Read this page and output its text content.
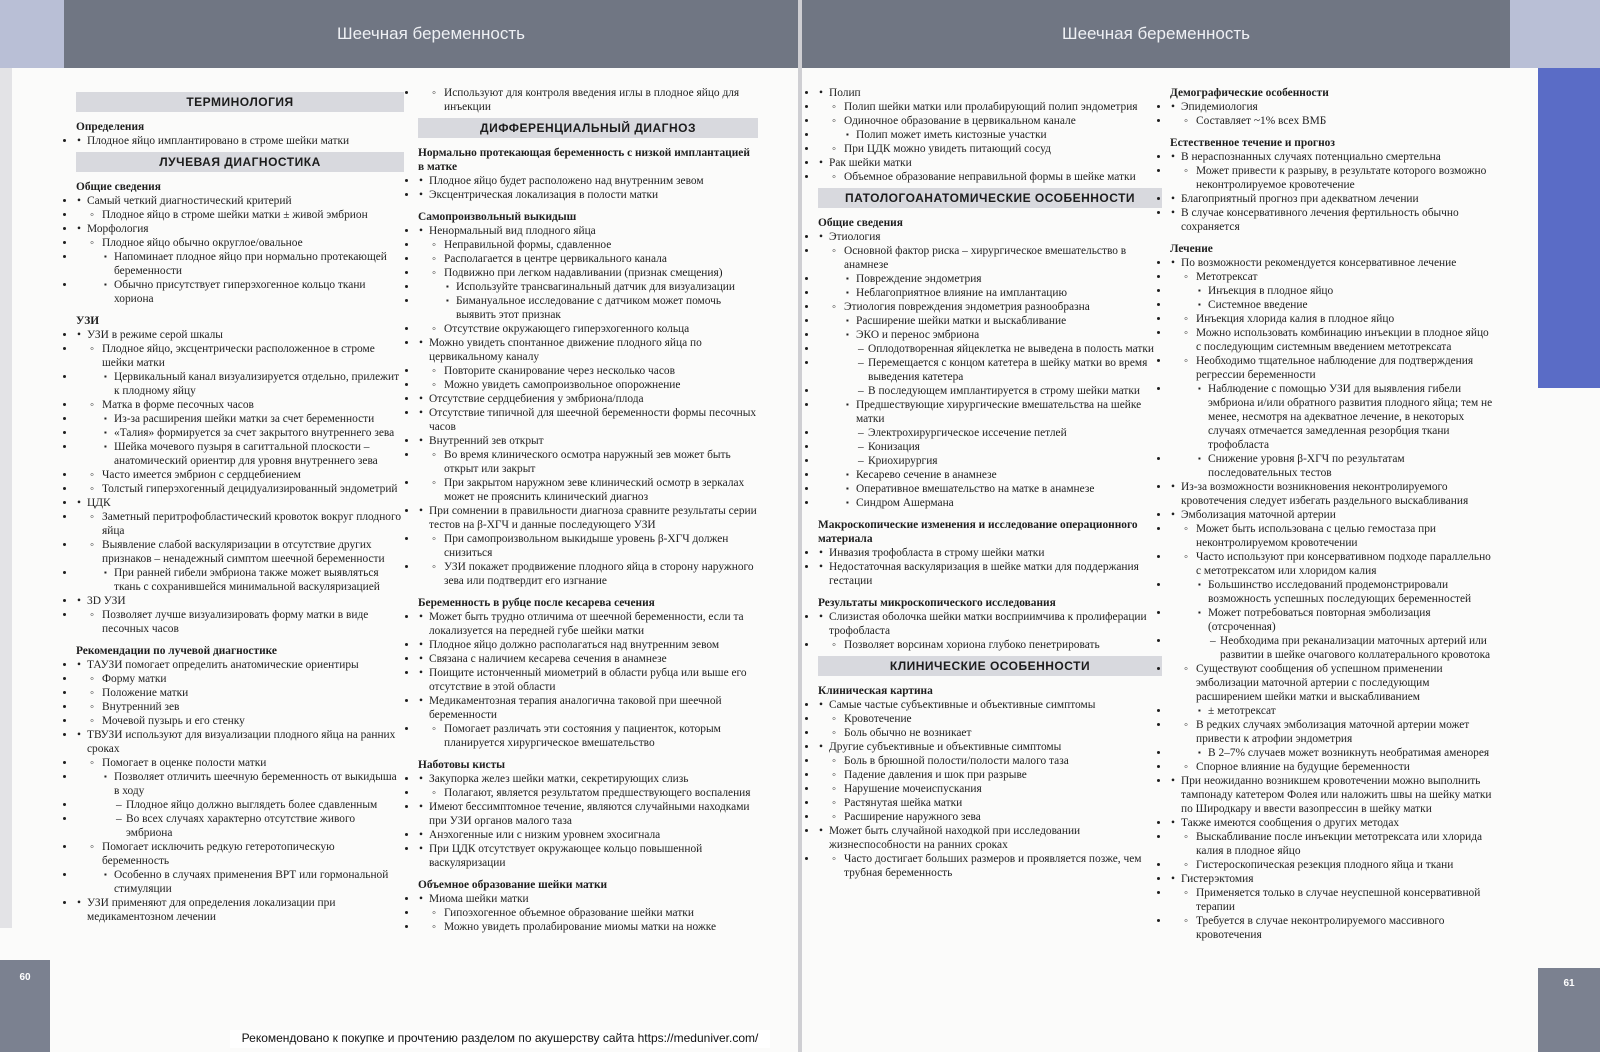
Шеечная беременность
ТЕРМИНОЛОГИЯ
Определения
• • Плодное яйцо имплантировано в строме шейки матки
ЛУЧЕВАЯ ДИАГНОСТИКА
Общие сведения
• • Самый четкий диагностический критерий
◦ • Плодное яйцо в строме шейки матки ± живой эмбрион
• • Морфология
◦ • Плодное яйцо обычно округлое/овальное
▪ • Напоминает плодное яйцо при нормально протекающей беременности
▪ • Обычно присутствует гиперэхогенное кольцо ткани хориона
УЗИ
• • УЗИ в режиме серой шкалы
◦ • Плодное яйцо, эксцентрически расположенное в строме шейки матки
▪ • Цервикальный канал визуализируется отдельно, прилежит к плодному яйцу
◦ • Матка в форме песочных часов
▪ • Из-за расширения шейки матки за счет беременности
▪ • «Талия» формируется за счет закрытого внутреннего зева
▪ • Шейка мочевого пузыря в сагиттальной плоскости – анатомический ориентир для уровня внутреннего зева
◦ • Часто имеется эмбрион с сердцебиением
◦ • Толстый гиперэхогенный децидуализированный эндометрий
• • ЦДК
◦ • Заметный перитрофобластический кровоток вокруг плодного яйца
◦ • Выявление слабой васкуляризации в отсутствие других признаков – ненадежный симптом шеечной беременности
▪ • При ранней гибели эмбриона также может выявляться ткань с сохранившейся минимальной васкуляризацией
• • 3D УЗИ
◦ • Позволяет лучше визуализировать форму матки в виде песочных часов
Рекомендации по лучевой диагностике
• • ТАУЗИ помогает определить анатомические ориентиры
◦ • Форму матки
◦ • Положение матки
◦ • Внутренний зев
◦ • Мочевой пузырь и его стенку
• • ТВУЗИ используют для визуализации плодного яйца на ранних сроках
◦ • Помогает в оценке полости матки
▪ • Позволяет отличить шеечную беременность от выкидыша в ходу
– • Плодное яйцо должно выглядеть более сдавленным
– • Во всех случаях характерно отсутствие живого эмбриона
◦ • Помогает исключить редкую гетеротопическую беременность
▪ • Особенно в случаях применения ВРТ или гормональной стимуляции
• • УЗИ применяют для определения локализации при медикаментозном лечении
◦ • Используют для контроля введения иглы в плодное яйцо для инъекции
ДИФФЕРЕНЦИАЛЬНЫЙ ДИАГНОЗ
Нормально протекающая беременность с низкой имплантацией в матке
• • Плодное яйцо будет расположено над внутренним зевом
• • Эксцентрическая локализация в полости матки
Самопроизвольный выкидыш
• • Ненормальный вид плодного яйца
◦ • Неправильной формы, сдавленное
◦ • Располагается в центре цервикального канала
◦ • Подвижно при легком надавливании (признак смещения)
▪ • Используйте трансвагинальный датчик для визуализации
▪ • Бимануальное исследование с датчиком может помочь выявить этот признак
◦ • Отсутствие окружающего гиперэхогенного кольца
• • Можно увидеть спонтанное движение плодного яйца по цервикальному каналу
◦ • Повторите сканирование через несколько часов
◦ • Можно увидеть самопроизвольное опорожнение
• • Отсутствие сердцебиения у эмбриона/плода
• • Отсутствие типичной для шеечной беременности формы песочных часов
• • Внутренний зев открыт
◦ • Во время клинического осмотра наружный зев может быть открыт или закрыт
◦ • При закрытом наружном зеве клинический осмотр в зеркалах может не прояснить клинический диагноз
• • При сомнении в правильности диагноза сравните результаты серии тестов на β-ХГЧ и данные последующего УЗИ
◦ • При самопроизвольном выкидыше уровень β-ХГЧ должен снизиться
◦ • УЗИ покажет продвижение плодного яйца в сторону наружного зева или подтвердит его изгнание
Беременность в рубце после кесарева сечения
• • Может быть трудно отличима от шеечной беременности, если та локализуется на передней губе шейки матки
• • Плодное яйцо должно располагаться над внутренним зевом
• • Связана с наличием кесарева сечения в анамнезе
• • Поищите истонченный миометрий в области рубца или выше его отсутствие в этой области
• • Медикаментозная терапия аналогична таковой при шеечной беременности
◦ • Помогает различать эти состояния у пациенток, которым планируется хирургическое вмешательство
Наботовы кисты
• • Закупорка желез шейки матки, секретирующих слизь
◦ • Полагают, является результатом предшествующего воспаления
• • Имеют бессимптомное течение, являются случайными находками при УЗИ органов малого таза
• • Анэхогенные или с низким уровнем эхосигнала
• • При ЦДК отсутствует окружающее кольцо повышенной васкуляризации
Объемное образование шейки матки
• • Миома шейки матки
◦ • Гипоэхогенное объемное образование шейки матки
◦ • Можно увидеть пролабирование миомы матки на ножке
60
Шеечная беременность
• • Полип
◦ • Полип шейки матки или пролабирующий полип эндометрия
◦ • Одиночное образование в цервикальном канале
▪ • Полип может иметь кистозные участки
◦ • При ЦДК можно увидеть питающий сосуд
• • Рак шейки матки
◦ • Объемное образование неправильной формы в шейке матки
ПАТОЛОГОАНАТОМИЧЕСКИЕ ОСОБЕННОСТИ
Общие сведения
• • Этиология
◦ • Основной фактор риска – хирургическое вмешательство в анамнезе
▪ • Повреждение эндометрия
▪ • Неблагоприятное влияние на имплантацию
◦ • Этиология повреждения эндометрия разнообразна
▪ • Расширение шейки матки и выскабливание
▪ • ЭКО и перенос эмбриона
– • Оплодотворенная яйцеклетка не выведена в полость матки
– • Перемещается с концом катетера в шейку матки во время выведения катетера
– • В последующем имплантируется в строму шейки матки
▪ • Предшествующие хирургические вмешательства на шейке матки
– • Электрохирургическое иссечение петлей
– • Конизация
– • Криохирургия
▪ • Кесарево сечение в анамнезе
▪ • Оперативное вмешательство на матке в анамнезе
▪ • Синдром Ашермана
Макроскопические изменения и исследование операционного материала
• • Инвазия трофобласта в строму шейки матки
• • Недостаточная васкуляризация в шейке матки для поддержания гестации
Результаты микроскопического исследования
• • Слизистая оболочка шейки матки восприимчива к пролиферации трофобласта
◦ • Позволяет ворсинам хориона глубоко пенетрировать
КЛИНИЧЕСКИЕ ОСОБЕННОСТИ
Клиническая картина
• • Самые частые субъективные и объективные симптомы
◦ • Кровотечение
◦ • Боль обычно не возникает
• • Другие субъективные и объективные симптомы
◦ • Боль в брюшной полости/полости малого таза
◦ • Падение давления и шок при разрыве
◦ • Нарушение мочеиспускания
◦ • Растянутая шейка матки
◦ • Расширение наружного зева
• • Может быть случайной находкой при исследовании жизнеспособности на ранних сроках
◦ • Часто достигает больших размеров и проявляется позже, чем трубная беременность
Демографические особенности
• • Эпидемиология
◦ • Составляет ~1% всех ВМБ
Естественное течение и прогноз
• • В нераспознанных случаях потенциально смертельна
◦ • Может привести к разрыву, в результате которого возможно неконтролируемое кровотечение
• • Благоприятный прогноз при адекватном лечении
• • В случае консервативного лечения фертильность обычно сохраняется
Лечение
• • По возможности рекомендуется консервативное лечение
◦ • Метотрексат
▪ • Инъекция в плодное яйцо
▪ • Системное введение
◦ • Инъекция хлорида калия в плодное яйцо
◦ • Можно использовать комбинацию инъекции в плодное яйцо с последующим системным введением метотрексата
◦ • Необходимо тщательное наблюдение для подтверждения регрессии беременности
▪ • Наблюдение с помощью УЗИ для выявления гибели эмбриона и/или обратного развития плодного яйца; тем не менее, несмотря на адекватное лечение, в некоторых случаях отмечается замедленная резорбция ткани трофобласта
▪ • Снижение уровня β-ХГЧ по результатам последовательных тестов
• • Из-за возможности возникновения неконтролируемого кровотечения следует избегать раздельного выскабливания
• • Эмболизация маточной артерии
◦ • Может быть использована с целью гемостаза при неконтролируемом кровотечении
◦ • Часто используют при консервативном подходе параллельно с метотрексатом или хлоридом калия
▪ • Большинство исследований продемонстрировали возможность успешных последующих беременностей
▪ • Может потребоваться повторная эмболизация (отсроченная)
– • Необходима при реканализации маточных артерий или развитии в шейке очагового коллатерального кровотока
◦ • Существуют сообщения об успешном применении эмболизации маточной артерии с последующим расширением шейки матки и выскабливанием
▪ • ± метотрексат
◦ • В редких случаях эмболизация маточной артерии может привести к атрофии эндометрия
▪ • В 2–7% случаев может возникнуть необратимая аменорея
◦ • Спорное влияние на будущие беременности
• • При неожиданно возникшем кровотечении можно выполнить тампонаду катетером Фолея или наложить швы на шейку матки по Широдкару и ввести вазопрессин в шейку матки
• • Также имеются сообщения о других методах
◦ • Выскабливание после инъекции метотрексата или хлорида калия в плодное яйцо
◦ • Гистероскопическая резекция плодного яйца и ткани
• • Гистерэктомия
◦ • Применяется только в случае неуспешной консервативной терапии
◦ • Требуется в случае неконтролируемого массивного кровотечения
61
Рекомендовано к покупке и прочтению разделом по акушерству сайта https://meduniver.com/
